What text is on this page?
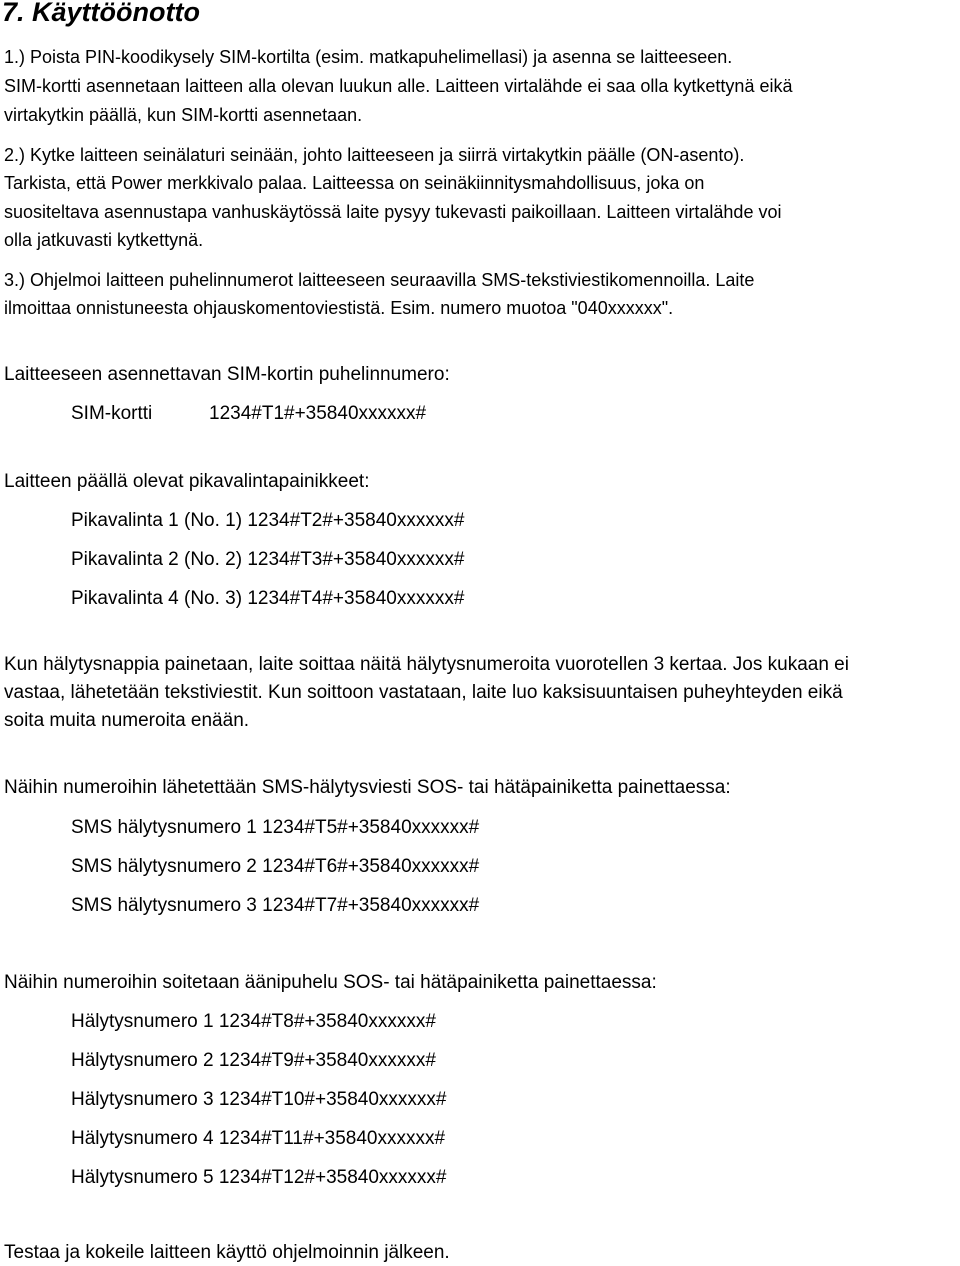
7. Käyttöönotto
1.) Poista PIN-koodikysely SIM-kortilta (esim. matkapuhelimellasi) ja asenna se laitteeseen.
SIM-kortti asennetaan laitteen alla olevan luukun alle. Laitteen virtalähde ei saa olla kytkettynä eikä
virtakytkin päällä, kun SIM-kortti asennetaan.
2.) Kytke laitteen seinälaturi seinään, johto laitteeseen ja siirrä virtakytkin päälle (ON-asento).
Tarkista, että Power merkkivalo palaa. Laitteessa on seinäkiinnitysmahdollisuus, joka on
suositeltava asennustapa vanhuskäytössä laite pysyy tukevasti paikoillaan. Laitteen virtalähde voi
olla jatkuvasti kytkettynä.
3.) Ohjelmoi laitteen puhelinnumerot laitteeseen seuraavilla SMS-tekstiviestikomennoilla. Laite
ilmoittaa onnistuneesta ohjauskomentoviestistä. Esim. numero muotoa "040xxxxxx".
Laitteeseen asennettavan SIM-kortin puhelinnumero:
SIM-kortti	1234#T1#+35840xxxxxx#
Laitteen päällä olevat pikavalintapainikkeet:
Pikavalinta 1 (No. 1) 1234#T2#+35840xxxxxx#
Pikavalinta 2 (No. 2) 1234#T3#+35840xxxxxx#
Pikavalinta 4 (No. 3) 1234#T4#+35840xxxxxx#
Kun hälytysnappia painetaan, laite soittaa näitä hälytysnumeroita vuorotellen 3 kertaa. Jos kukaan ei
vastaa, lähetetään tekstiviestit. Kun soittoon vastataan, laite luo kaksisuuntaisen puheyhteyden eikä
soita muita numeroita enään.
Näihin numeroihin lähetettään SMS-hälytysviesti SOS- tai hätäpainiketta painettaessa:
SMS hälytysnumero 1 1234#T5#+35840xxxxxx#
SMS hälytysnumero 2 1234#T6#+35840xxxxxx#
SMS hälytysnumero 3 1234#T7#+35840xxxxxx#
Näihin numeroihin soitetaan äänipuhelu SOS- tai hätäpainiketta painettaessa:
Hälytysnumero 1 1234#T8#+35840xxxxxx#
Hälytysnumero 2 1234#T9#+35840xxxxxx#
Hälytysnumero 3 1234#T10#+35840xxxxxx#
Hälytysnumero 4 1234#T11#+35840xxxxxx#
Hälytysnumero 5 1234#T12#+35840xxxxxx#
Testaa ja kokeile laitteen käyttö ohjelmoinnin jälkeen.
